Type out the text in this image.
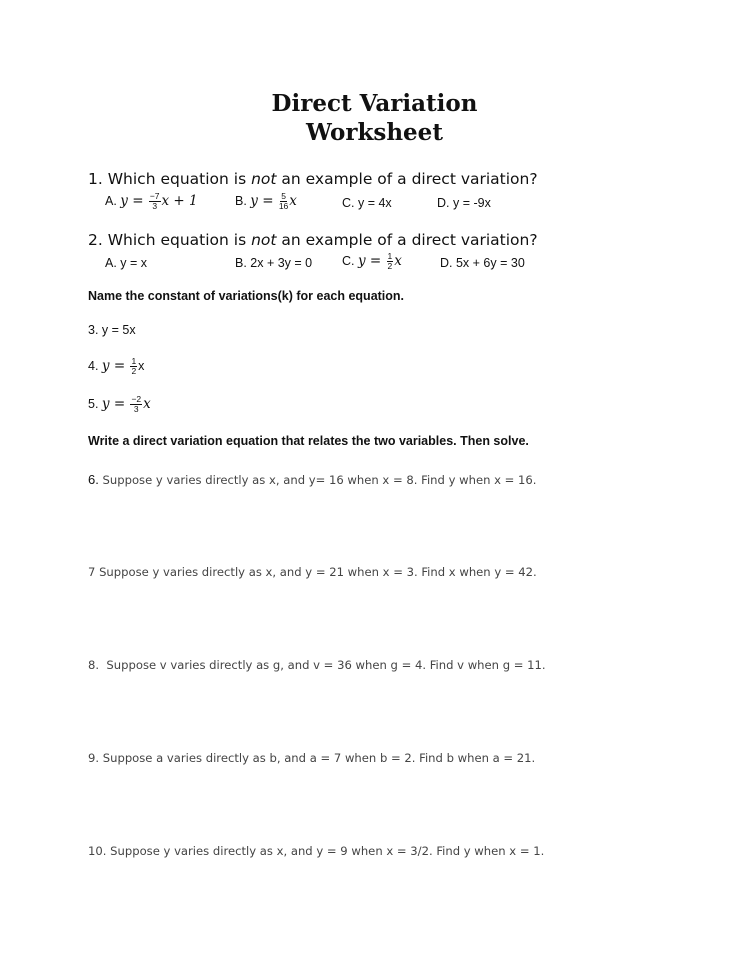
Direct Variation
Worksheet
1. Which equation is not an example of a direct variation?
A. $y = \frac{-7}{3}$ x + 1	B. $y = \frac{5}{16}$ x	C. y = 4x	D. y = -9x
2. Which equation is not an example of a direct variation?
A. y = x	B. 2x + 3y = 0 C. $y = \frac{1}{2}$ x	D. 5x + 6y = 30
Name the constant of variations(k) for each equation.
3. y = 5x
4. $y = \frac{1}{2}$ x
5. $y = \frac{-2}{3}$ x
Write a direct variation equation that relates the two variables. Then solve.
6. Suppose y varies directly as x, and y= 16 when x = 8. Find y when x = 16.
7 Suppose y varies directly as x, and y = 21 when x = 3. Find x when y = 42.
8.  Suppose v varies directly as g, and v = 36 when g = 4. Find v when g = 11.
9. Suppose a varies directly as b, and a = 7 when b = 2. Find b when a = 21.
10. Suppose y varies directly as x, and y = 9 when x = 3/2. Find y when x = 1.
